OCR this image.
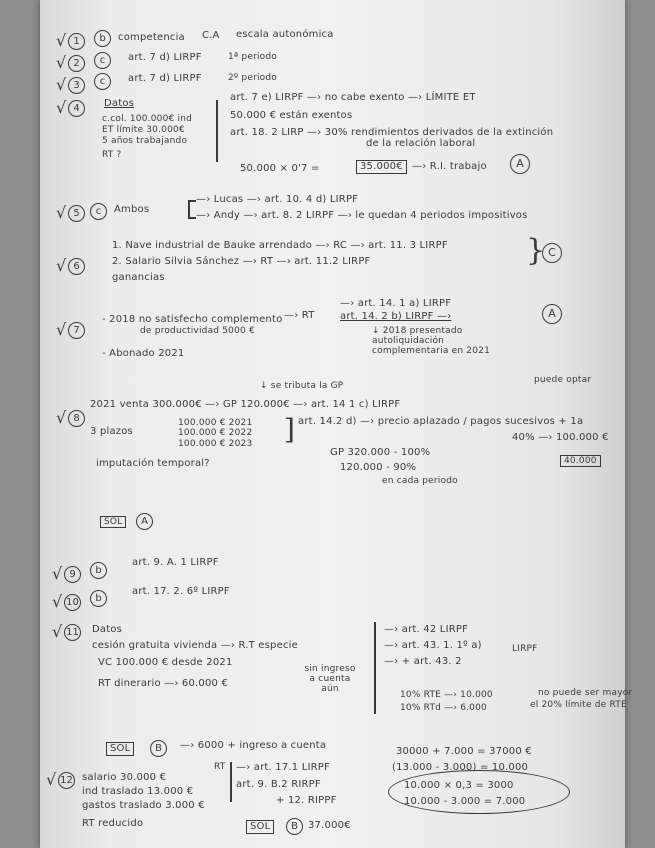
√ 1	b	competencia C.A escala autonómica
√ 2	c	art. 7 d) LIRPF	1ª periodo
√ 3	c	art. 7 d) LIRPF	2º periodo
√ 4	Datos
c.col. 100.000€ ind
ET límite 30.000€
5 años trabajando
RT ?
art. 7 e) LIRPF —› no cabe exento —› LÍMITE ET
50.000 € están exentos
art. 18. 2 LIRP —› 30% rendimientos derivados de la extinción
de la relación laboral
50.000 × 0'7 =	35.000€ —› R.I. trabajo	A
√ 5	c	Ambos
—› Lucas —› art. 10. 4 d) LIRPF
—› Andy —› art. 8. 2 LIRPF —› le quedan 4 periodos impositivos
√ 6
1. Nave industrial de Bauke arrendado —› RC —› art. 11. 3 LIRPF
2. Salario Silvia Sánchez —› RT —› art. 11.2 LIRPF
ganancias
} C
√ 7
- 2018 no satisfecho complemento
de productividad 5000 €
—› RT
—› art. 14. 1 a) LIRPF
art. 14. 2 b) LIRPF —›	A
↓ 2018 presentado
autoliquidación
complementaria en 2021
- Abonado 2021
√ 8
↓ se tributa la GP
2021 venta 300.000€ —› GP 120.000€ —› art. 14 1 c) LIRPF
puede optar
3 plazos
100.000 € 2021
100.000 € 2022
100.000 € 2023 ] art. 14.2 d) —› precio aplazado / pagos sucesivos + 1a
imputación temporal?
GP 320.000 - 100%
120.000 - 90%
en cada periodo
40% —› 100.000 €
40.000
SOL	A
√ 9	b
art. 9. A. 1 LIRPF
√ 10	b
art. 17. 2. 6º LIRPF
√ 11 Datos
cesión gratuita vivienda —› R.T especie
VC 100.000 € desde 2021
RT dinerario —› 60.000 €
sin ingreso a cuenta aún
—› art. 42 LIRPF
—› art. 43. 1. 1º a)
—› + art. 43. 2
LIRPF
10% RTE —› 10.000
10% RTd —› 6.000
no puede ser mayor
el 20% límite de RTE
SOL	B	—› 6000 + ingreso a cuenta
√ 12 salario 30.000 €
ind traslado 13.000 €
gastos traslado 3.000 €
RT reducido
RT —› art. 17.1 LIRPF
art. 9. B.2 RIRPF
+ 12. RIPPF
SOL	B	37.000€
30000 + 7.000 = 37000 €
(13.000 - 3.000) = 10.000
10.000 × 0,3 = 3000
10.000 - 3.000 = 7.000
